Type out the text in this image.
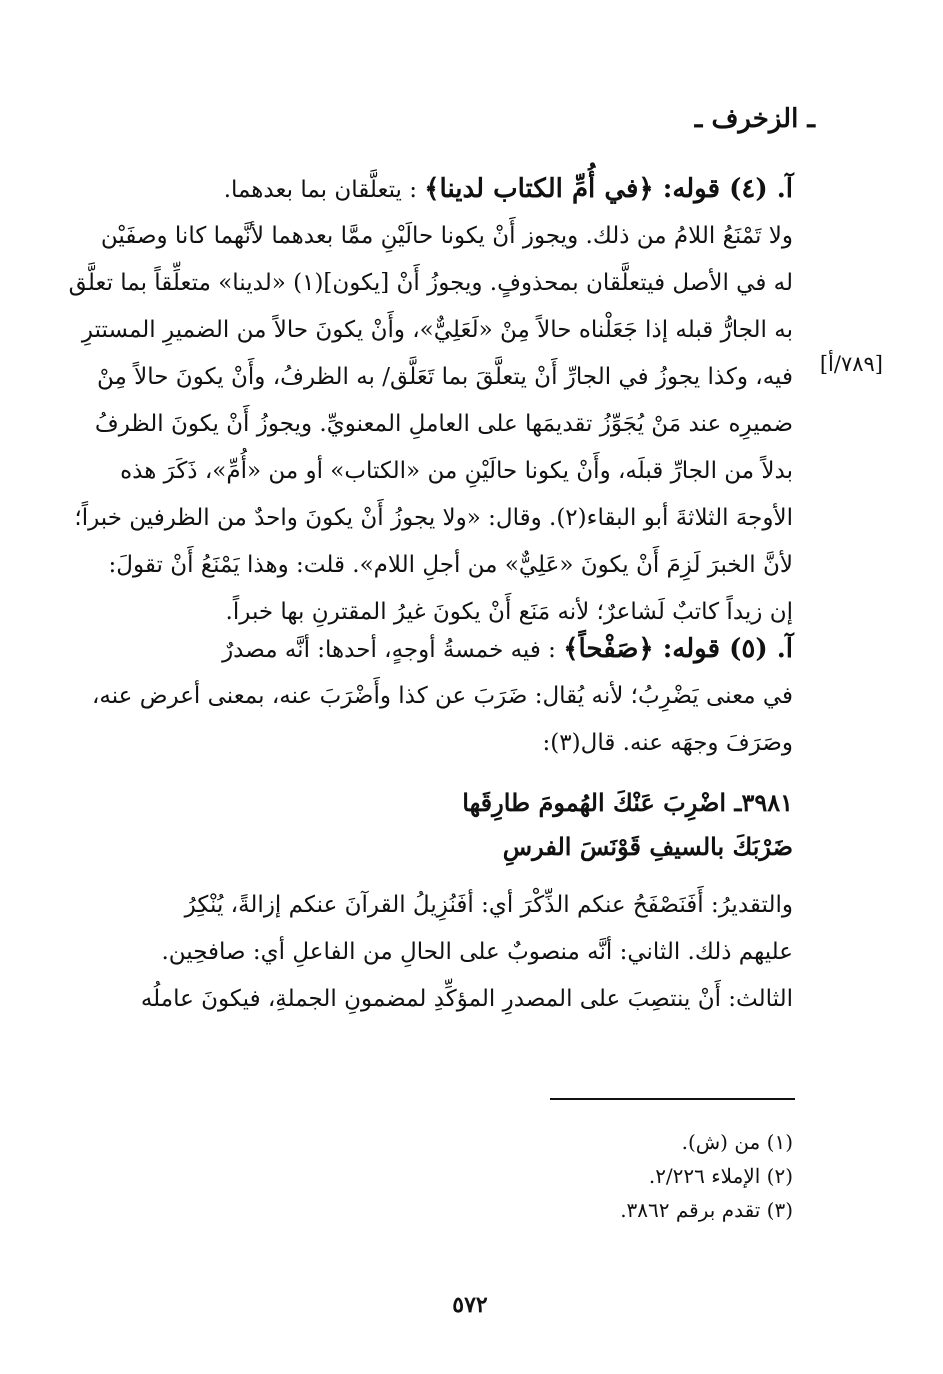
ـ الزخرف ـ
[٧٨٩/أ]
آ. (٤) قوله: ﴿في أُمِّ الكتاب لدينا﴾ : يتعلَّقان بما بعدهما.
ولا تَمْنَعُ اللامُ من ذلك. ويجوز أَنْ يكونا حالَيْنِ ممَّا بعدهما لأنَّهما كانا وصفَيْن
له في الأصل فيتعلَّقان بمحذوفٍ. ويجوزُ أَنْ [يكون](١) «لدينا» متعلِّقاً بما تعلَّق
به الجارُّ قبله إذا جَعَلْناه حالاً مِنْ «لَعَلِيٌّ»، وأَنْ يكونَ حالاً من الضميرِ المستترِ
فيه، وكذا يجوزُ في الجارِّ أَنْ يتعلَّقَ بما تَعَلَّق/ به الظرفُ، وأَنْ يكونَ حالاً مِنْ
ضميرِه عند مَنْ يُجَوِّزُ تقديمَها على العاملِ المعنويِّ. ويجوزُ أَنْ يكونَ الظرفُ
بدلاً من الجارِّ قبلَه، وأَنْ يكونا حالَيْنِ من «الكتاب» أو من «أُمِّ»، ذَكَرَ هذه
الأوجهَ الثلاثةَ أبو البقاء(٢). وقال: «ولا يجوزُ أَنْ يكونَ واحدٌ من الظرفين خبراً؛
لأنَّ الخبرَ لَزِمَ أَنْ يكونَ «عَلِيٌّ» من أجلِ اللام». قلت: وهذا يَمْنَعُ أَنْ تقولَ:
إن زيداً كاتبٌ لَشاعرٌ؛ لأنه مَنَع أَنْ يكونَ غيرُ المقترنِ بها خبراً.
آ. (٥) قوله: ﴿صَفْحاً﴾ : فيه خمسةُ أوجهٍ، أحدها: أنَّه مصدرٌ
في معنى يَضْرِبُ؛ لأنه يُقال: ضَرَبَ عن كذا وأَضْرَبَ عنه، بمعنى أعرض عنه،
وصَرَفَ وجهَه عنه. قال(٣):
٣٩٨١ـ اضْرِبَ عَنْكَ الهُمومَ طارِقَها
ضَرْبَكَ بالسيفِ قَوْنَسَ الفرسِ
والتقديرُ: أَفَنَصْفَحُ عنكم الذِّكْرَ أي: أفَنُزِيلُ القرآنَ عنكم إزالةً، يُنْكِرُ
عليهم ذلك. الثاني: أنَّه منصوبٌ على الحالِ من الفاعلِ أي: صافحِين.
الثالث: أَنْ ينتصِبَ على المصدرِ المؤكِّدِ لمضمونِ الجملةِ، فيكونَ عاملُه
(١) من (ش).
(٢) الإملاء ٢/٢٢٦.
(٣) تقدم برقم ٣٨٦٢.
٥٧٢
